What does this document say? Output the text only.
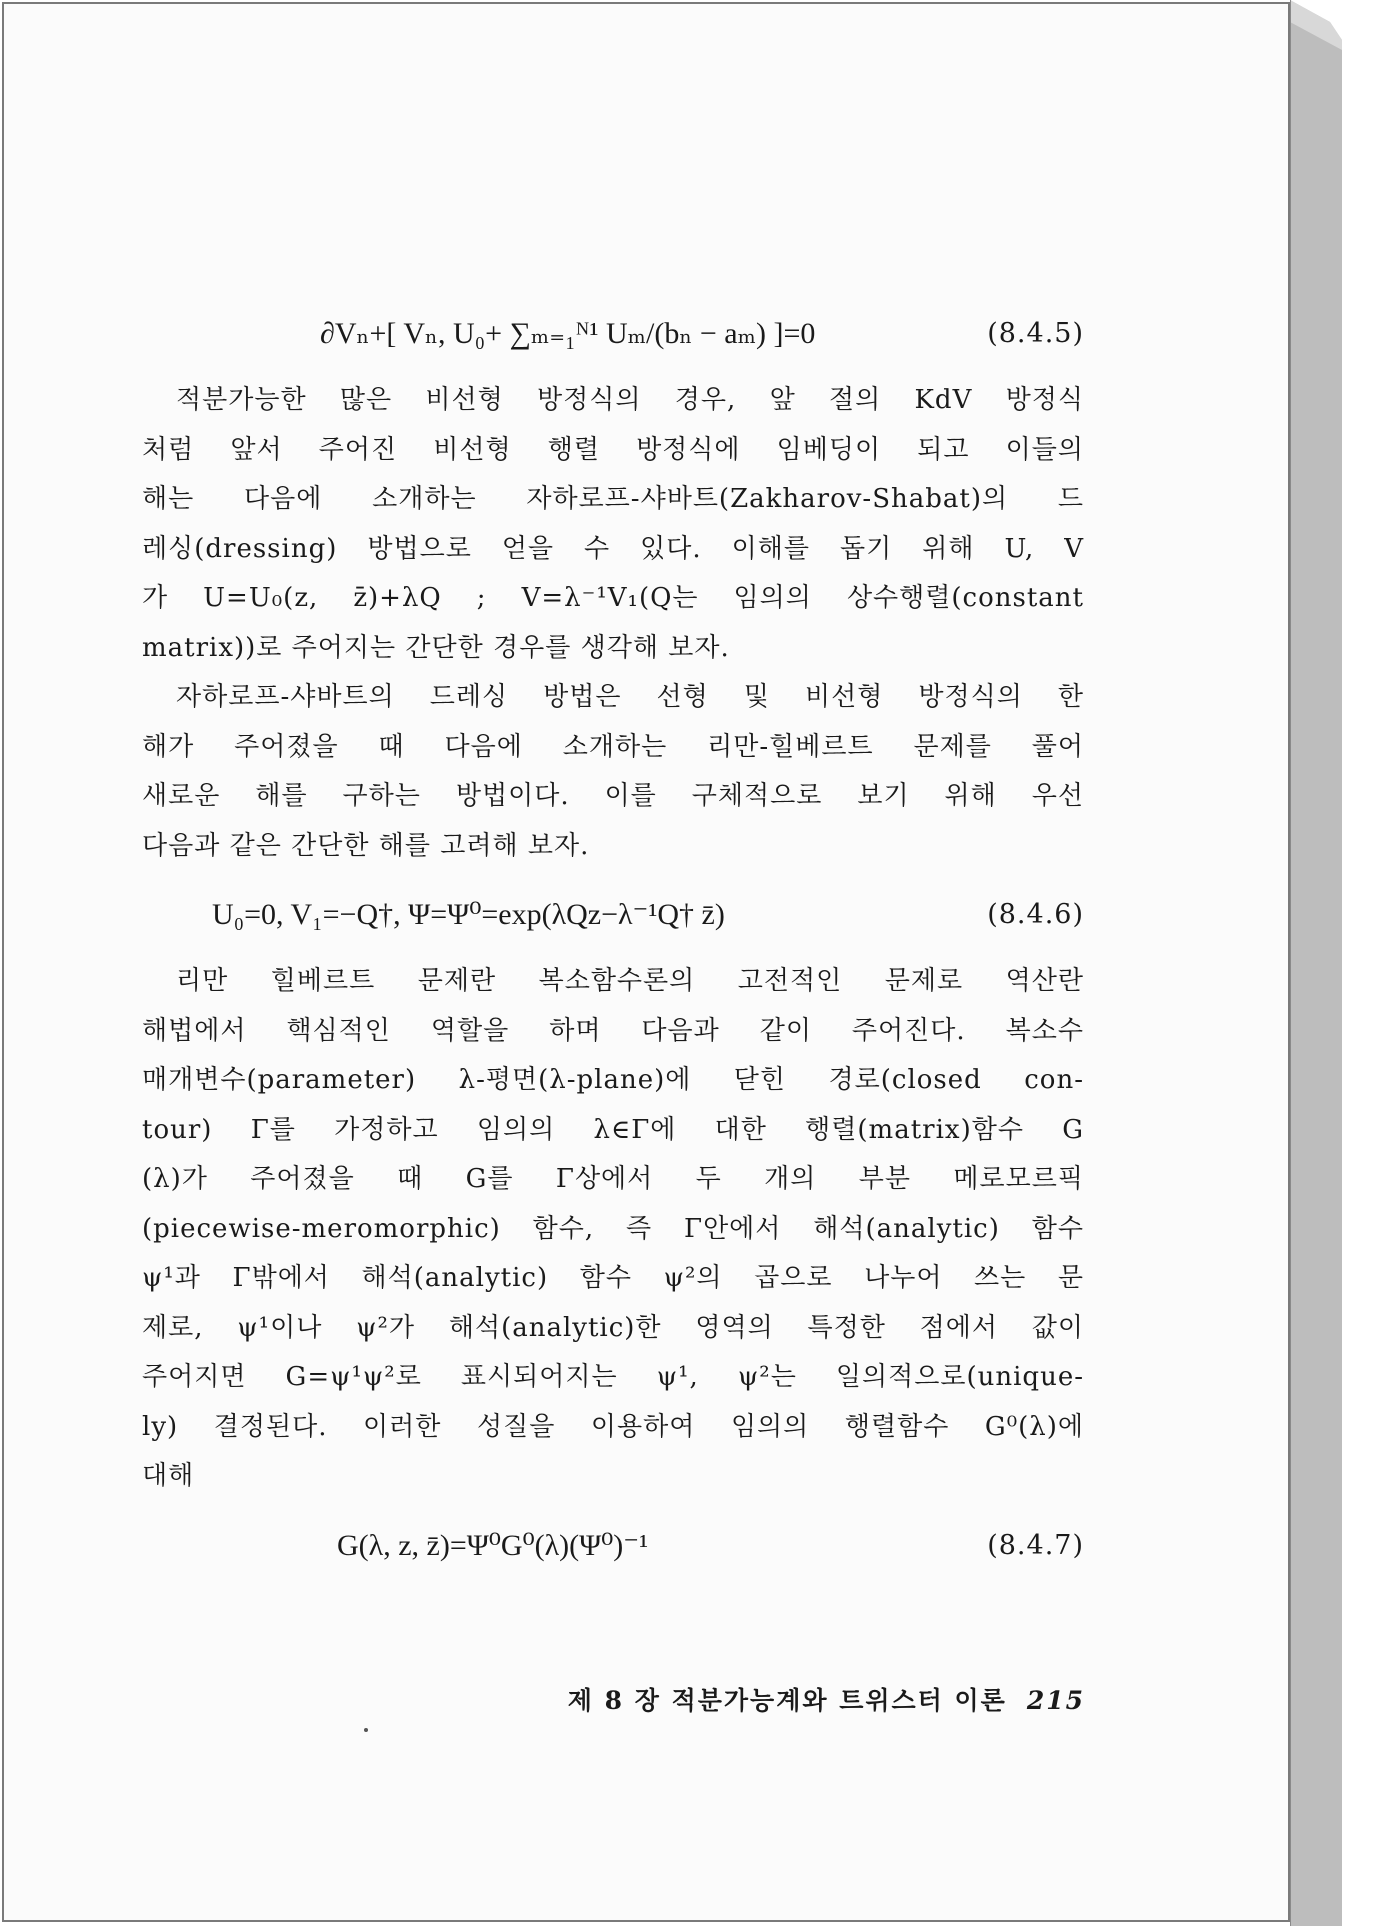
∂Vₙ+[ Vₙ, U₀+ ∑ₘ₌₁ᴺ¹ Uₘ/(bₙ − aₘ) ]=0	(8.4.5)

적분가능한 많은 비선형 방정식의 경우, 앞 절의 KdV 방정식

처럼 앞서 주어진 비선형 행렬 방정식에 임베딩이 되고 이들의

해는 다음에 소개하는 자하로프-샤바트(Zakharov-Shabat)의 드

레싱(dressing) 방법으로 얻을 수 있다. 이해를 돕기 위해 U, V

가 U=U₀(z, z̄)+λQ ; V=λ⁻¹V₁(Q는 임의의 상수행렬(constant

matrix))로 주어지는 간단한 경우를 생각해 보자.

자하로프-샤바트의 드레싱 방법은 선형 및 비선형 방정식의 한

해가 주어졌을 때 다음에 소개하는 리만-힐베르트 문제를 풀어

새로운 해를 구하는 방법이다. 이를 구체적으로 보기 위해 우선

다음과 같은 간단한 해를 고려해 보자.

U₀=0, V₁=−Q†, Ψ=Ψ⁰=exp(λQz−λ⁻¹Q† z̄)	(8.4.6)

리만 힐베르트 문제란 복소함수론의 고전적인 문제로 역산란

해법에서 핵심적인 역할을 하며 다음과 같이 주어진다. 복소수

매개변수(parameter) λ-평면(λ-plane)에 닫힌 경로(closed con-

tour) Γ를 가정하고 임의의 λ∈Γ에 대한 행렬(matrix)함수 G

(λ)가 주어졌을 때 G를 Γ상에서 두 개의 부분 메로모르픽

(piecewise-meromorphic) 함수, 즉 Γ안에서 해석(analytic) 함수

ψ¹과 Γ밖에서 해석(analytic) 함수 ψ²의 곱으로 나누어 쓰는 문

제로, ψ¹이나 ψ²가 해석(analytic)한 영역의 특정한 점에서 값이

주어지면 G=ψ¹ψ²로 표시되어지는 ψ¹, ψ²는 일의적으로(unique-

ly) 결정된다. 이러한 성질을 이용하여 임의의 행렬함수 G⁰(λ)에

대해

G(λ, z, z̄)=Ψ⁰G⁰(λ)(Ψ⁰)⁻¹	(8.4.7)
제 8 장 적분가능계와 트위스터 이론 215
